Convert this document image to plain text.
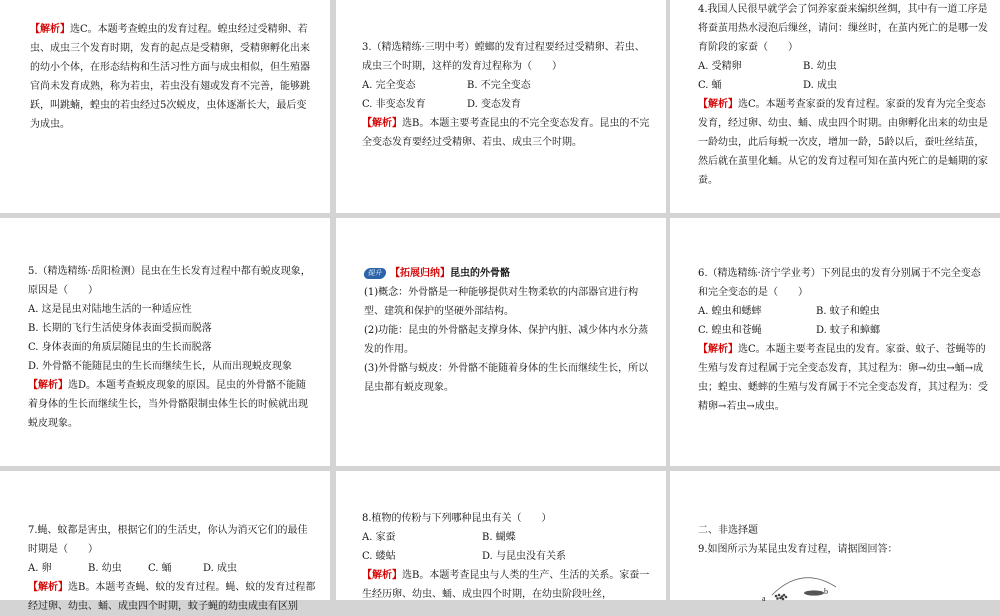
【解析】选C。本题考查蝗虫的发育过程。蝗虫经过受精卵、若虫、成虫三个发育时期，发育的起点是受精卵，受精卵孵化出来的幼小个体，在形态结构和生活习性方面与成虫相似，但生殖器官尚未发育成熟，称为若虫，若虫没有翅或发育不完善，能够跳跃，叫跳蝻，蝗虫的若虫经过5次蜕皮，虫体逐渐长大，最后变为成虫。

3.（精选精练·三明中考）螳螂的发育过程要经过受精卵、若虫、成虫三个时期，这样的发育过程称为（　　）

A. 完全变态	B. 不完全变态
C. 非变态发育	D. 变态发育

【解析】选B。本题主要考查昆虫的不完全变态发育。昆虫的不完全变态发育要经过受精卵、若虫、成虫三个时期。

4.我国人民很早就学会了饲养家蚕来编织丝绸，其中有一道工序是将蚕茧用热水浸泡后缫丝，请问：缫丝时，在茧内死亡的是哪一发育阶段的家蚕（　　）

A. 受精卵	B. 幼虫
C. 蛹	D. 成虫

【解析】选C。本题考查家蚕的发育过程。家蚕的发育为完全变态发育，经过卵、幼虫、蛹、成虫四个时期。由卵孵化出来的幼虫是一龄幼虫，此后每蜕一次皮，增加一龄，5龄以后，蚕吐丝结茧，然后就在茧里化蛹。从它的发育过程可知在茧内死亡的是蛹期的家蚕。

5.（精选精练·岳阳检测）昆虫在生长发育过程中都有蜕皮现象，原因是（　　）

A. 这是昆虫对陆地生活的一种适应性

B. 长期的飞行生活使身体表面受损而脱落

C. 身体表面的角质层随昆虫的生长而脱落

D. 外骨骼不能随昆虫的生长而继续生长，从而出现蜕皮现象

【解析】选D。本题考查蜕皮现象的原因。昆虫的外骨骼不能随着身体的生长而继续生长，当外骨骼限制虫体生长的时候就出现蜕皮现象。

提升 【拓展归纳】昆虫的外骨骼

(1)概念：外骨骼是一种能够提供对生物柔软的内部器官进行构型、建筑和保护的坚硬外部结构。

(2)功能：昆虫的外骨骼起支撑身体、保护内脏、减少体内水分蒸发的作用。

(3)外骨骼与蜕皮：外骨骼不能随着身体的生长而继续生长，所以昆虫都有蜕皮现象。

6.（精选精练·济宁学业考）下列昆虫的发育分别属于不完全变态和完全变态的是（　　）

A. 蝗虫和蟋蟀	B. 蚊子和蝗虫
C. 蝗虫和苍蝇	D. 蚊子和蟑螂

【解析】选C。本题主要考查昆虫的发育。家蚕、蚊子、苍蝇等的生殖与发育过程属于完全变态发育，其过程为：卵→幼虫→蛹→成虫；蝗虫、蟋蟀的生殖与发育属于不完全变态发育，其过程为：受精卵→若虫→成虫。

7.蝇、蚊都是害虫，根据它们的生活史，你认为消灭它们的最佳时期是（　　）

A. 卵	B. 幼虫	C. 蛹	D. 成虫

【解析】选B。本题考查蝇、蚊的发育过程。蝇、蚊的发育过程都经过卵、幼虫、蛹、成虫四个时期，蚊子蝇的幼虫成虫有区别

8.植物的传粉与下列哪种昆虫有关（　　）

A. 家蚕	B. 蝴蝶
C. 蝼蛄	D. 与昆虫没有关系

【解析】选B。本题考查昆虫与人类的生产、生活的关系。家蚕一生经历卵、幼虫、蛹、成虫四个时期，在幼虫阶段吐丝，

二、非选择题

9.如图所示为某昆虫发育过程，请据图回答：

a
b
